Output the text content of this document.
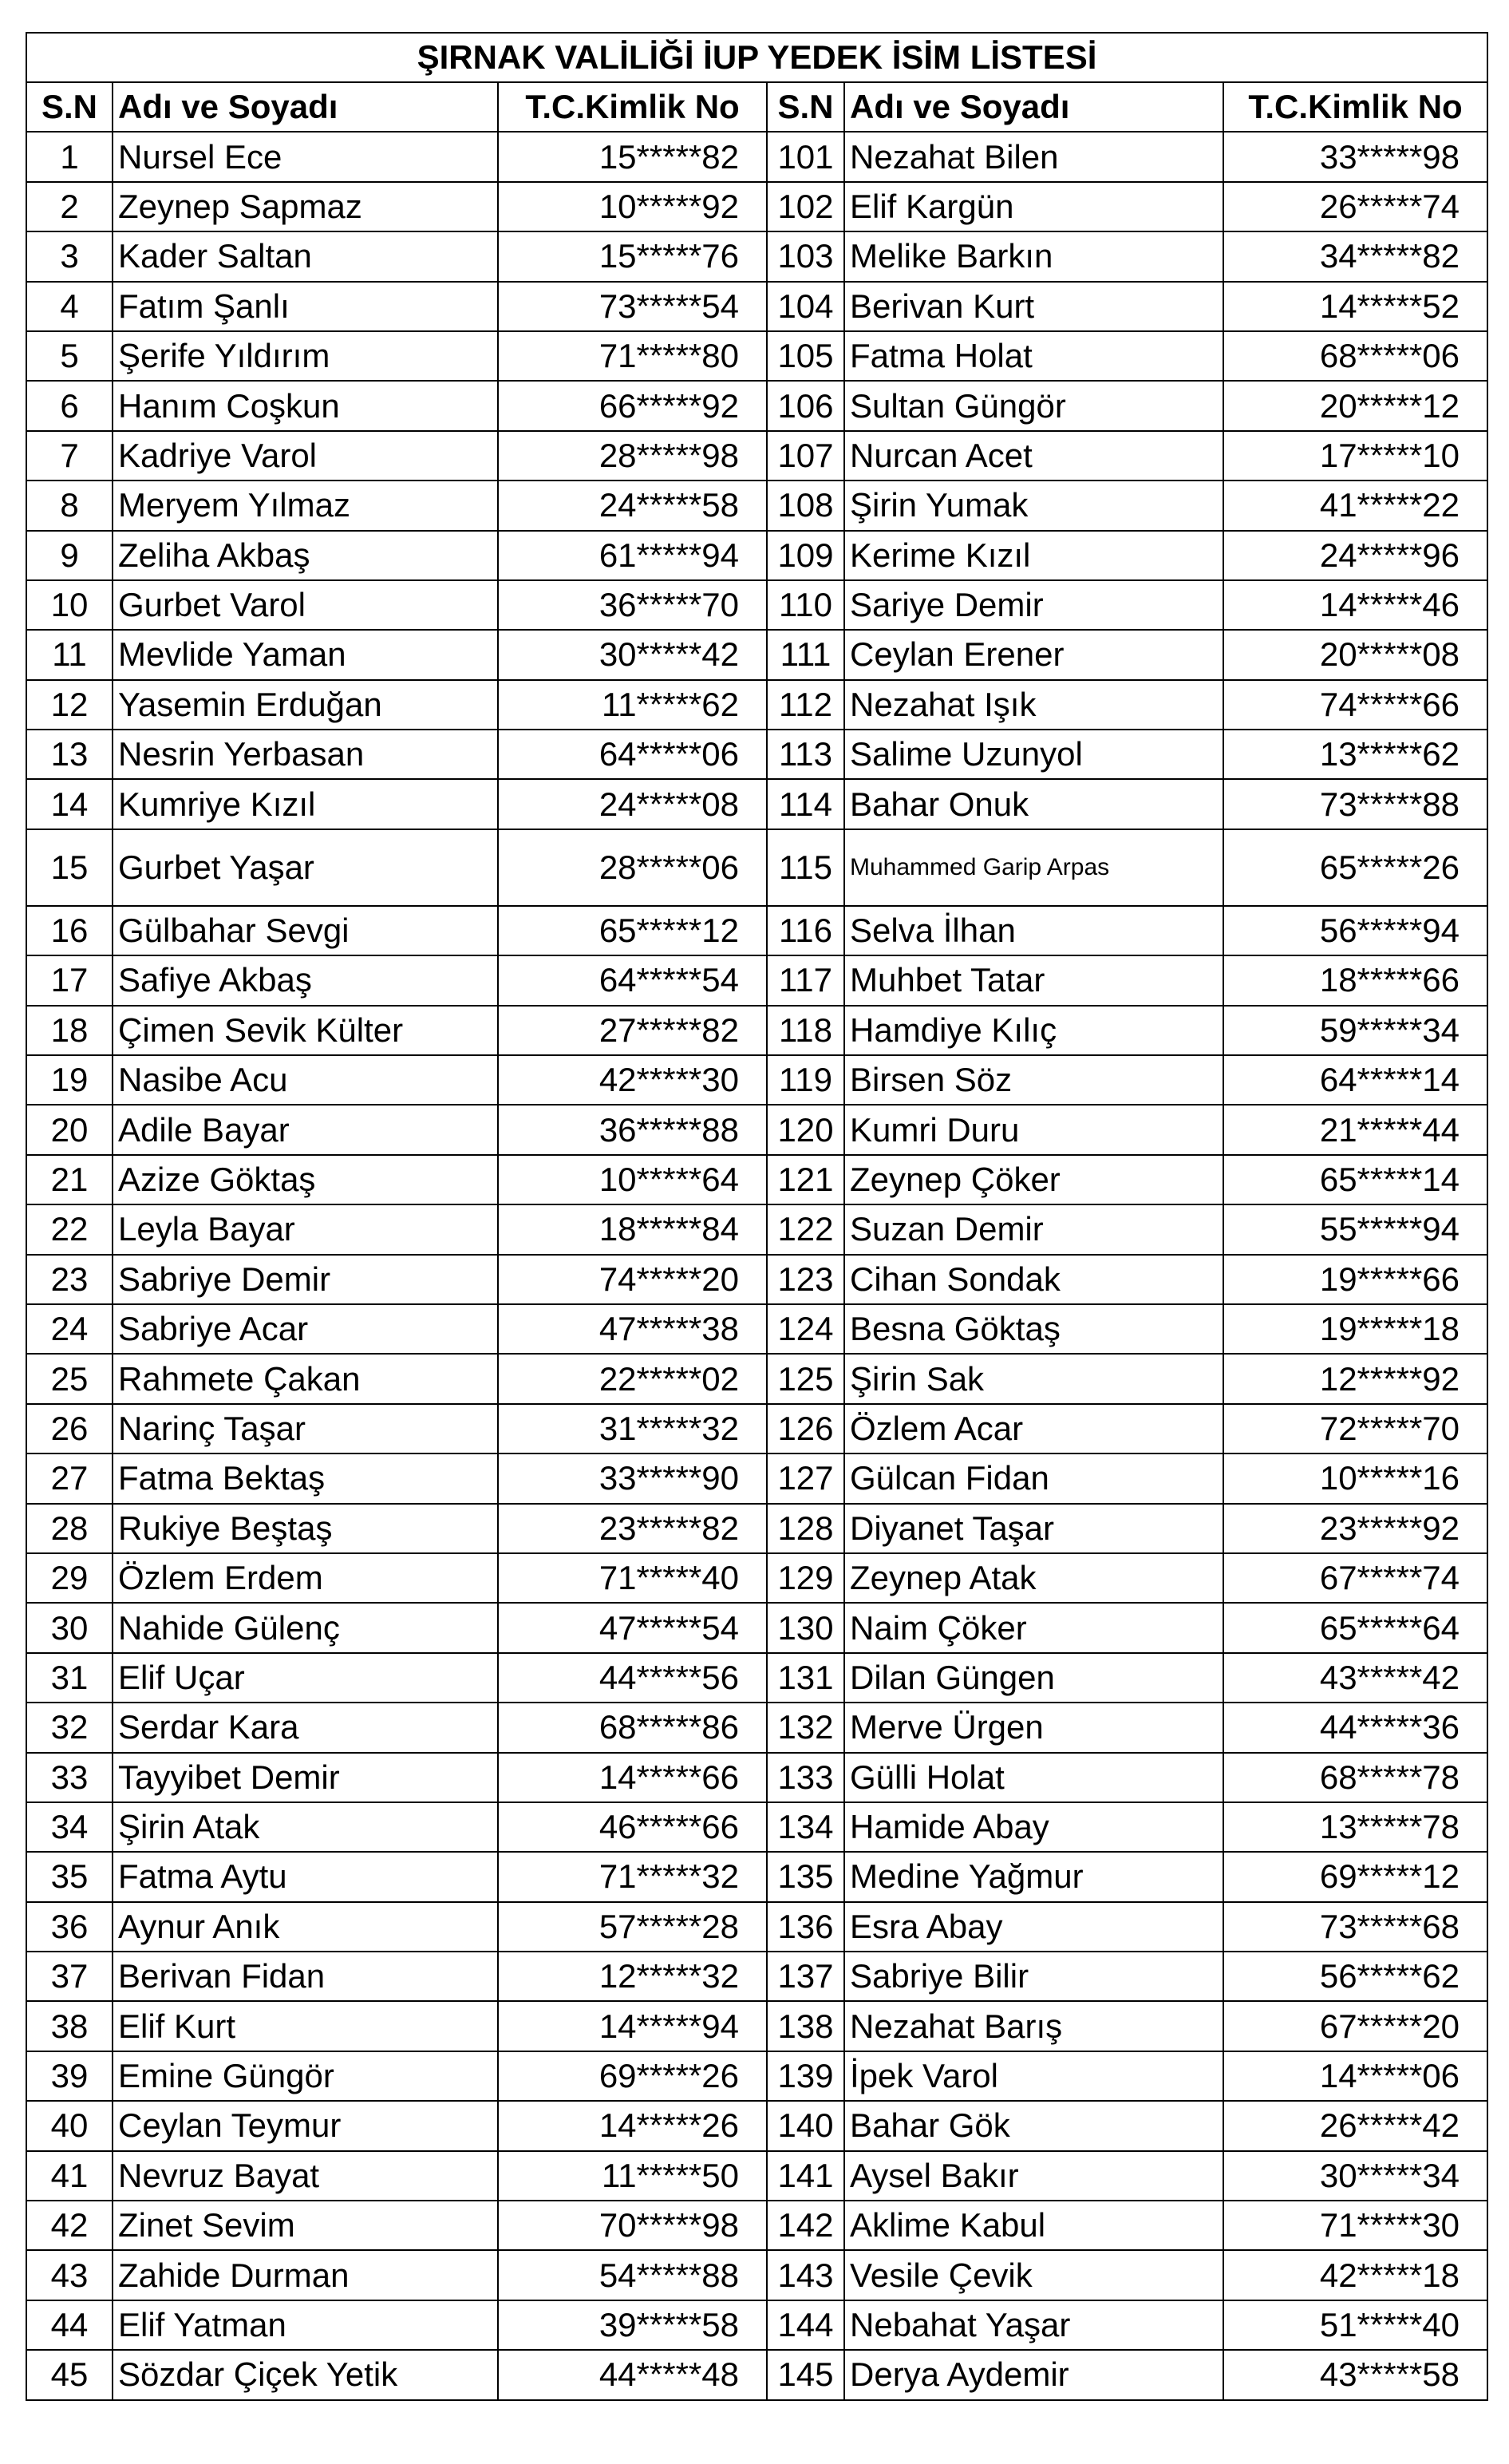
ŞIRNAK VALİLİĞİ İUP YEDEK İSİM LİSTESİ					
S.N	Adı ve Soyadı	T.C.Kimlik No	S.N	Adı ve Soyadı	T.C.Kimlik No
1	Nursel Ece	15*****82	101	Nezahat Bilen	33*****98
2	Zeynep Sapmaz	10*****92	102	Elif Kargün	26*****74
3	Kader Saltan	15*****76	103	Melike Barkın	34*****82
4	Fatım Şanlı	73*****54	104	Berivan Kurt	14*****52
5	Şerife Yıldırım	71*****80	105	Fatma Holat	68*****06
6	Hanım Coşkun	66*****92	106	Sultan Güngör	20*****12
7	Kadriye Varol	28*****98	107	Nurcan Acet	17*****10
8	Meryem Yılmaz	24*****58	108	Şirin Yumak	41*****22
9	Zeliha Akbaş	61*****94	109	Kerime Kızıl	24*****96
10	Gurbet Varol	36*****70	110	Sariye Demir	14*****46
11	Mevlide Yaman	30*****42	111	Ceylan Erener	20*****08
12	Yasemin Erduğan	11*****62	112	Nezahat Işık	74*****66
13	Nesrin Yerbasan	64*****06	113	Salime Uzunyol	13*****62
14	Kumriye Kızıl	24*****08	114	Bahar Onuk	73*****88
15	Gurbet Yaşar	28*****06	115	Muhammed Garip Arpas	65*****26
16	Gülbahar Sevgi	65*****12	116	Selva İlhan	56*****94
17	Safiye Akbaş	64*****54	117	Muhbet Tatar	18*****66
18	Çimen Sevik Külter	27*****82	118	Hamdiye Kılıç	59*****34
19	Nasibe Acu	42*****30	119	Birsen Söz	64*****14
20	Adile Bayar	36*****88	120	Kumri Duru	21*****44
21	Azize Göktaş	10*****64	121	Zeynep Çöker	65*****14
22	Leyla Bayar	18*****84	122	Suzan Demir	55*****94
23	Sabriye Demir	74*****20	123	Cihan Sondak	19*****66
24	Sabriye Acar	47*****38	124	Besna Göktaş	19*****18
25	Rahmete Çakan	22*****02	125	Şirin Sak	12*****92
26	Narinç Taşar	31*****32	126	Özlem Acar	72*****70
27	Fatma Bektaş	33*****90	127	Gülcan Fidan	10*****16
28	Rukiye Beştaş	23*****82	128	Diyanet Taşar	23*****92
29	Özlem Erdem	71*****40	129	Zeynep Atak	67*****74
30	Nahide Gülenç	47*****54	130	Naim Çöker	65*****64
31	Elif Uçar	44*****56	131	Dilan Güngen	43*****42
32	Serdar Kara	68*****86	132	Merve Ürgen	44*****36
33	Tayyibet Demir	14*****66	133	Gülli Holat	68*****78
34	Şirin Atak	46*****66	134	Hamide Abay	13*****78
35	Fatma Aytu	71*****32	135	Medine Yağmur	69*****12
36	Aynur Anık	57*****28	136	Esra Abay	73*****68
37	Berivan Fidan	12*****32	137	Sabriye Bilir	56*****62
38	Elif Kurt	14*****94	138	Nezahat Barış	67*****20
39	Emine Güngör	69*****26	139	İpek Varol	14*****06
40	Ceylan Teymur	14*****26	140	Bahar Gök	26*****42
41	Nevruz Bayat	11*****50	141	Aysel Bakır	30*****34
42	Zinet Sevim	70*****98	142	Aklime Kabul	71*****30
43	Zahide Durman	54*****88	143	Vesile Çevik	42*****18
44	Elif Yatman	39*****58	144	Nebahat Yaşar	51*****40
45	Sözdar Çiçek Yetik	44*****48	145	Derya Aydemir	43*****58
